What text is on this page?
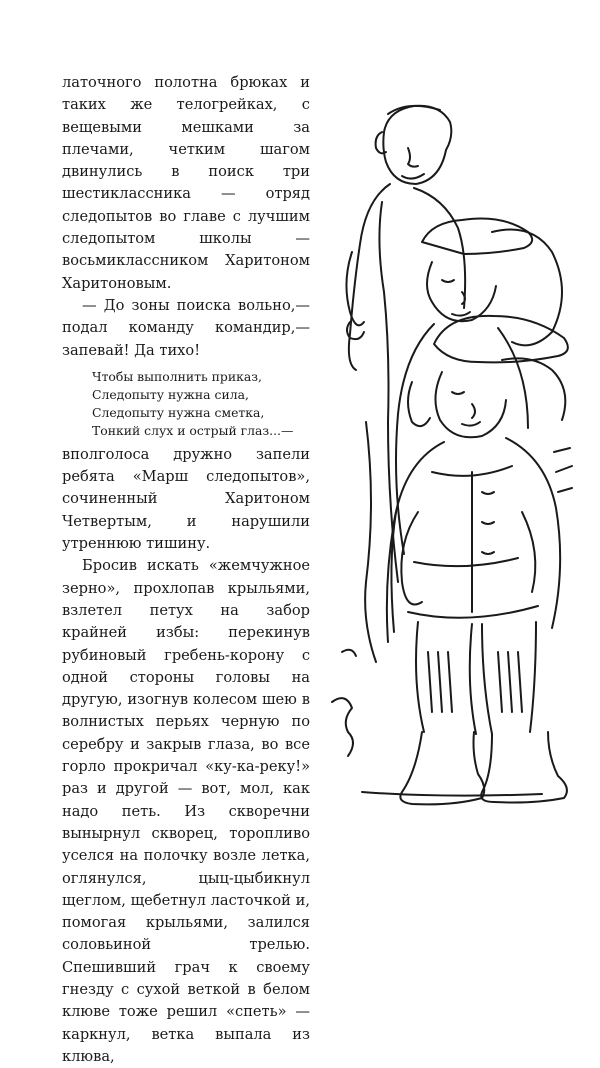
латочного полотна брюках и таких же телогрейках, с вещевыми мешками за плечами, четким шагом двинулись в поиск три шестиклассника — отряд следопытов во главе с лучшим следопытом школы — восьмиклассником Харитоном Харитоновым.

— До зоны поиска вольно,— подал команду командир,— запевай! Да тихо!

Чтобы выполнить приказ,
Следопыту нужна сила,
Следопыту нужна сметка,
Тонкий слух и острый глаз...—

вполголоса дружно запели ребята «Марш следопытов», сочиненный Харитоном Четвертым, и нарушили утреннюю тишину.

Бросив искать «жемчужное зерно», прохлопав крыльями, взлетел петух на забор крайней избы: перекинув рубиновый гребень-корону с одной стороны головы на другую, изогнув колесом шею в волнистых перьях черную по серебру и закрыв глаза, во все горло прокричал «ку-ка-реку!» раз и другой — вот, мол, как надо петь. Из скворечни вынырнул скворец, торопливо уселся на полочку возле летка, оглянулся, цыц-цыбикнул щеглом, щебетнул ласточкой и, помогая крыльями, залился соловьиной трелью. Спешивший грач к своему гнезду с сухой веткой в белом клюве тоже решил «спеть» — каркнул, ветка выпала из клюва,
